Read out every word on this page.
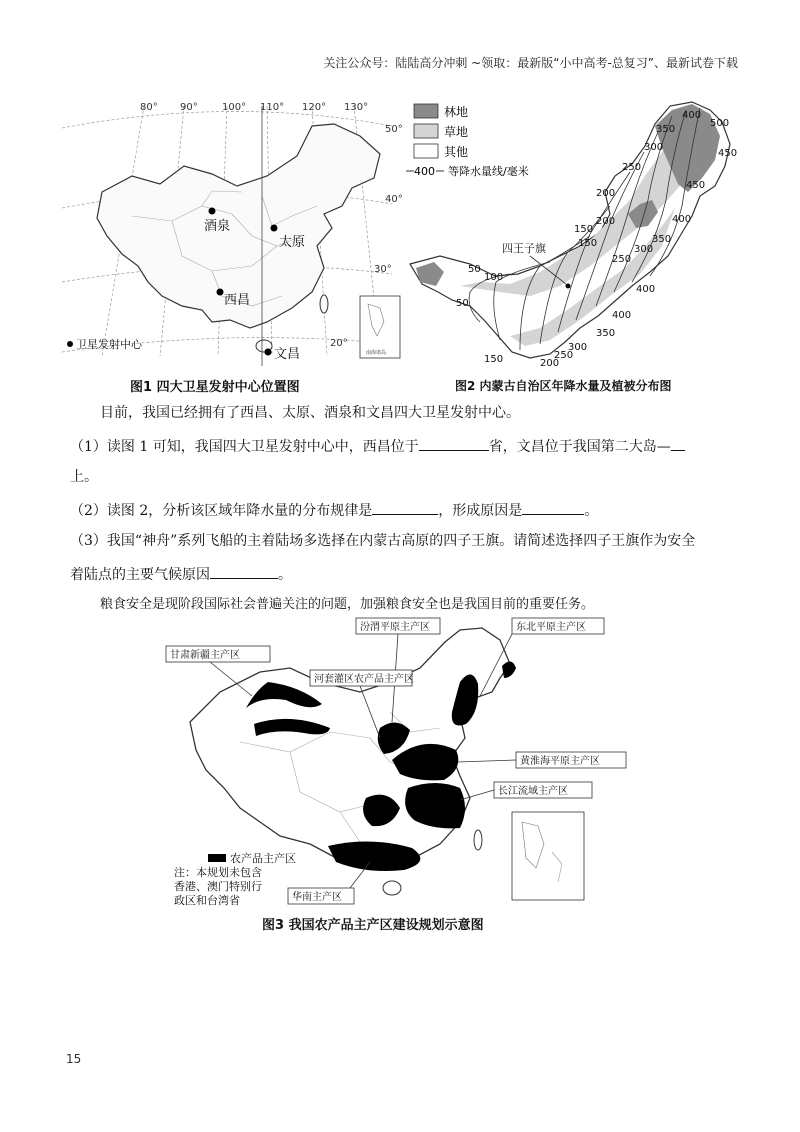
关注公众号：陆陆高分冲刺 ~领取：最新版“小中高考-总复习”、最新试卷下载
80° 90° 100° 110° 120° 130°
50°
40°
30°
20°
酒泉
太原
西昌
文昌
卫星发射中心
南海诸岛
图1 四大卫星发射中心位置图
林地
草地
其他
400 等降水量线/毫米
500
450
400
350
300
250
200
150
100
50
450
400
350
300
250
200
150
400
400
350
300
250
200
150
50
四王子旗
图2 内蒙古自治区年降水量及植被分布图
目前，我国已经拥有了西昌、太原、酒泉和文昌四大卫星发射中心。
（1）读图 1 可知，我国四大卫星发射中心中，西昌位于	省，文昌位于我国第二大岛—
上。
（2）读图 2，分析该区域年降水量的分布规律是	，形成原因是	。
（3）我国“神舟”系列飞船的主着陆场多选择在内蒙古高原的四子王旗。请简述选择四子王旗作为安全
着陆点的主要气候原因	。
粮食安全是现阶段国际社会普遍关注的问题，加强粮食安全也是我国目前的重要任务。
汾渭平原主产区	东北平原主产区
甘肃新疆主产区
河套灌区农产品主产区
黄淮海平原主产区
长江流域主产区
华南主产区
农产品主产区
注：本规划未包含
香港、澳门特别行
政区和台湾省
图3 我国农产品主产区建设规划示意图
15
